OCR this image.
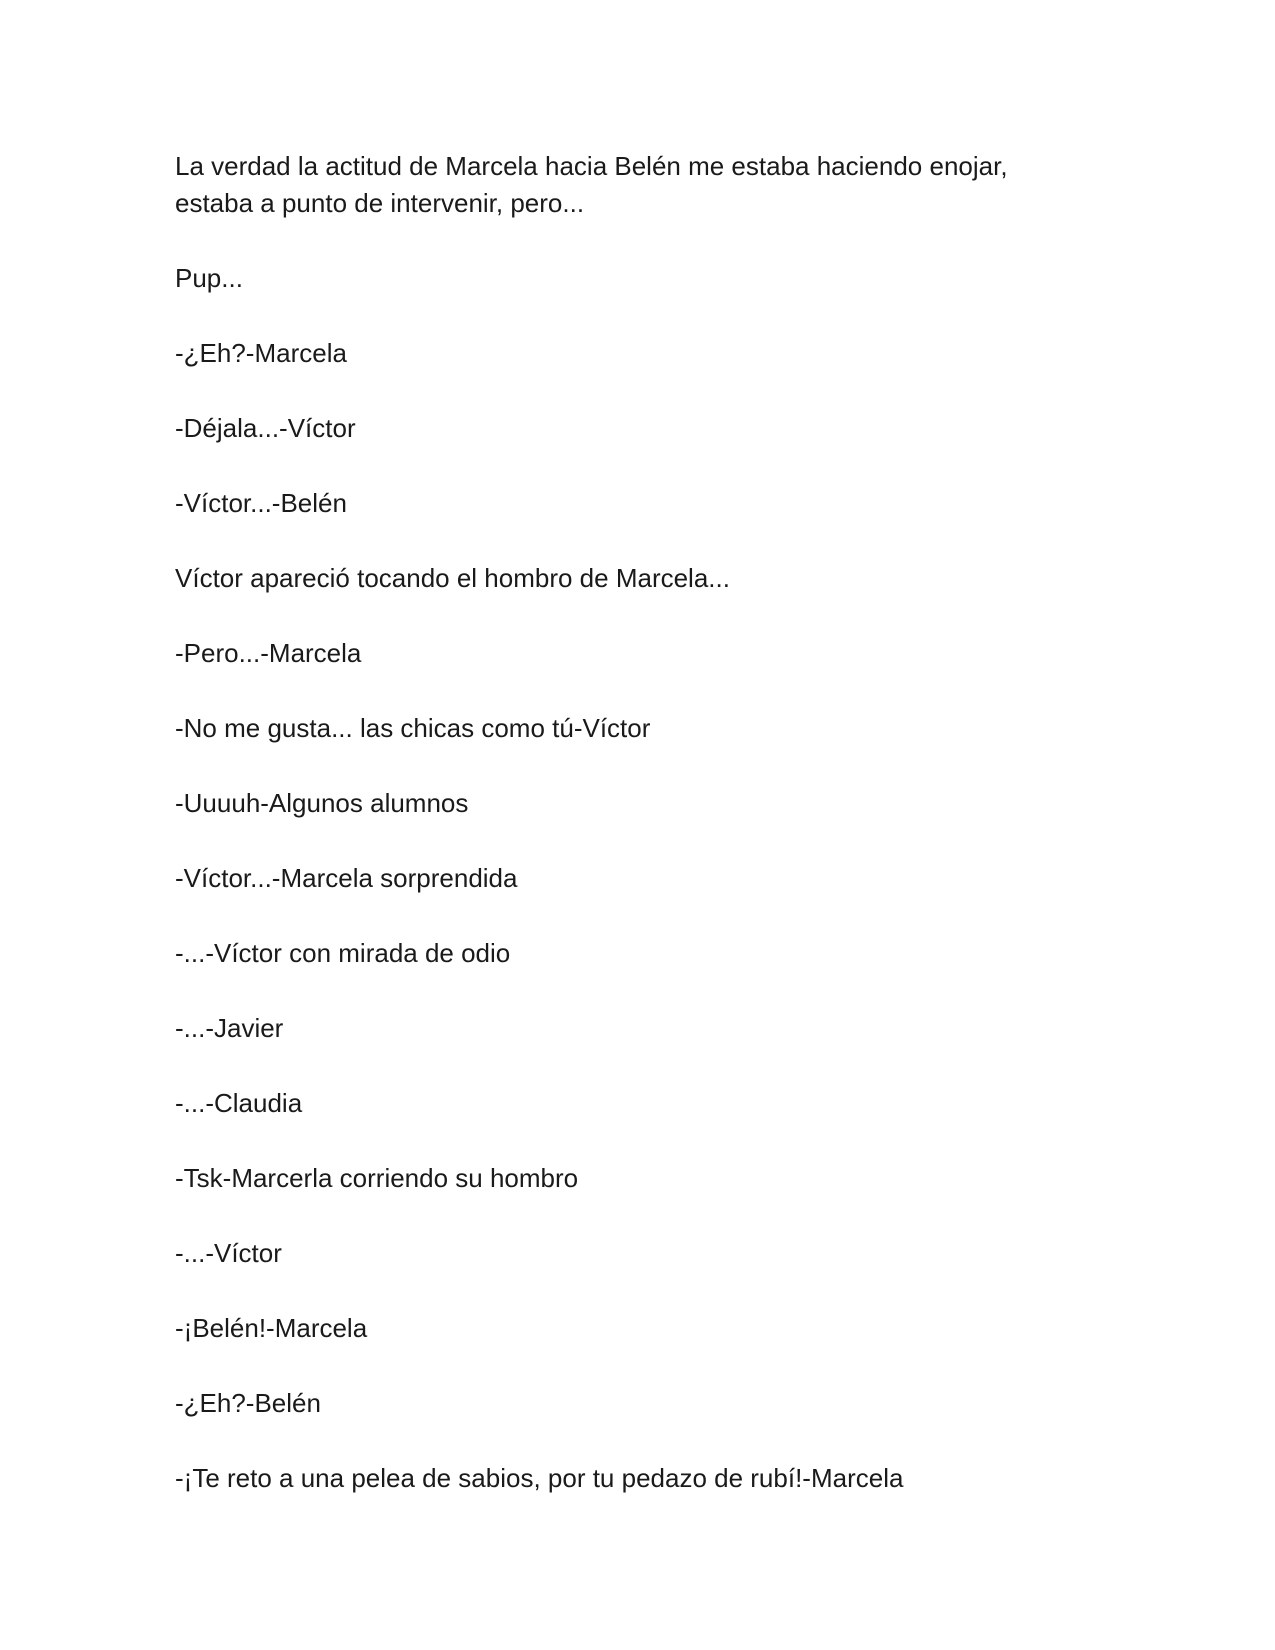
La verdad la actitud de Marcela hacia Belén me estaba haciendo enojar,
estaba a punto de intervenir, pero...

Pup...

-¿Eh?-Marcela

-Déjala...-Víctor

-Víctor...-Belén

Víctor apareció tocando el hombro de Marcela...

-Pero...-Marcela

-No me gusta... las chicas como tú-Víctor

-Uuuuh-Algunos alumnos

-Víctor...-Marcela sorprendida

-...-Víctor con mirada de odio

-...-Javier

-...-Claudia

-Tsk-Marcerla corriendo su hombro

-...-Víctor

-¡Belén!-Marcela

-¿Eh?-Belén

-¡Te reto a una pelea de sabios, por tu pedazo de rubí!-Marcela
